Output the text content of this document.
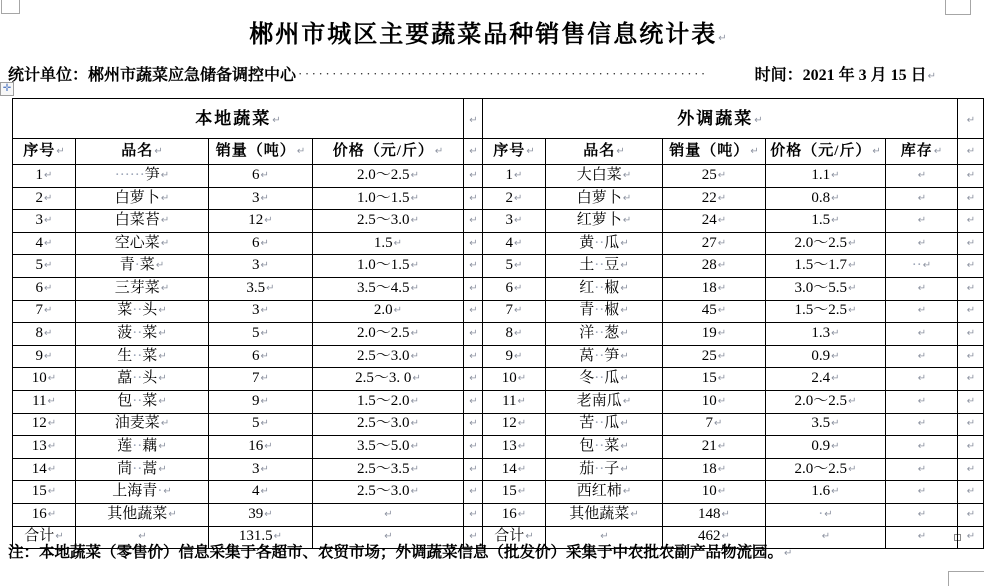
✛
郴州市城区主要蔬菜品种销售信息统计表↵
统计单位：郴州市蔬菜应急储备调控中心 ····························································	时间：2021 年 3 月 15 日↵
本地蔬菜↵				↵	外调蔬菜↵					↵
序号↵	品名↵	销量（吨）↵	价格（元/斤）↵	↵	序号↵	品名↵	销量（吨）↵	价格（元/斤）↵	库存↵	↵
1↵	······笋↵	6↵	2.0～2.5↵	↵	1↵	大白菜↵	25↵	1.1↵	↵	↵
2↵	白萝卜↵	3↵	1.0～1.5↵	↵	2↵	白萝卜↵	22↵	0.8↵	↵	↵
3↵	白菜苔↵	12↵	2.5～3.0↵	↵	3↵	红萝卜↵	24↵	1.5↵	↵	↵
4↵	空心菜↵	6↵	1.5↵	↵	4↵	黄··瓜↵	27↵	2.0～2.5↵	↵	↵
5↵	青·菜↵	3↵	1.0～1.5↵	↵	5↵	土··豆↵	28↵	1.5～1.7↵	··↵	↵
6↵	三芽菜↵	3.5↵	3.5～4.5↵	↵	6↵	红··椒↵	18↵	3.0～5.5↵	↵	↵
7↵	菜··头↵	3↵	2.0↵	↵	7↵	青··椒↵	45↵	1.5～2.5↵	↵	↵
8↵	菠··菜↵	5↵	2.0～2.5↵	↵	8↵	洋··葱↵	19↵	1.3↵	↵	↵
9↵	生··菜↵	6↵	2.5～3.0↵	↵	9↵	莴··笋↵	25↵	0.9↵	↵	↵
10↵	藠··头↵	7↵	2.5～3. 0↵	↵	10↵	冬··瓜↵	15↵	2.4↵	↵	↵
11↵	包··菜↵	9↵	1.5～2.0↵	↵	11↵	老南瓜↵	10↵	2.0～2.5↵	↵	↵
12↵	油麦菜↵	5↵	2.5～3.0↵	↵	12↵	苦··瓜↵	7↵	3.5↵	↵	↵
13↵	莲··藕↵	16↵	3.5～5.0↵	↵	13↵	包··菜↵	21↵	0.9↵	↵	↵
14↵	茼··蒿↵	3↵	2.5～3.5↵	↵	14↵	茄··子↵	18↵	2.0～2.5↵	↵	↵
15↵	上海青·↵	4↵	2.5～3.0↵	↵	15↵	西红柿↵	10↵	1.6↵	↵	↵
16↵	其他蔬菜↵	39↵	↵	↵	16↵	其他蔬菜↵	148↵	·↵	↵	↵
合计↵	↵	131.5↵	↵	↵	合计↵	↵	462↵	↵	↵	↵
注：本地蔬菜（零售价）信息采集于各超市、农贸市场；外调蔬菜信息（批发价）采集于中农批农副产品物流园。↵
